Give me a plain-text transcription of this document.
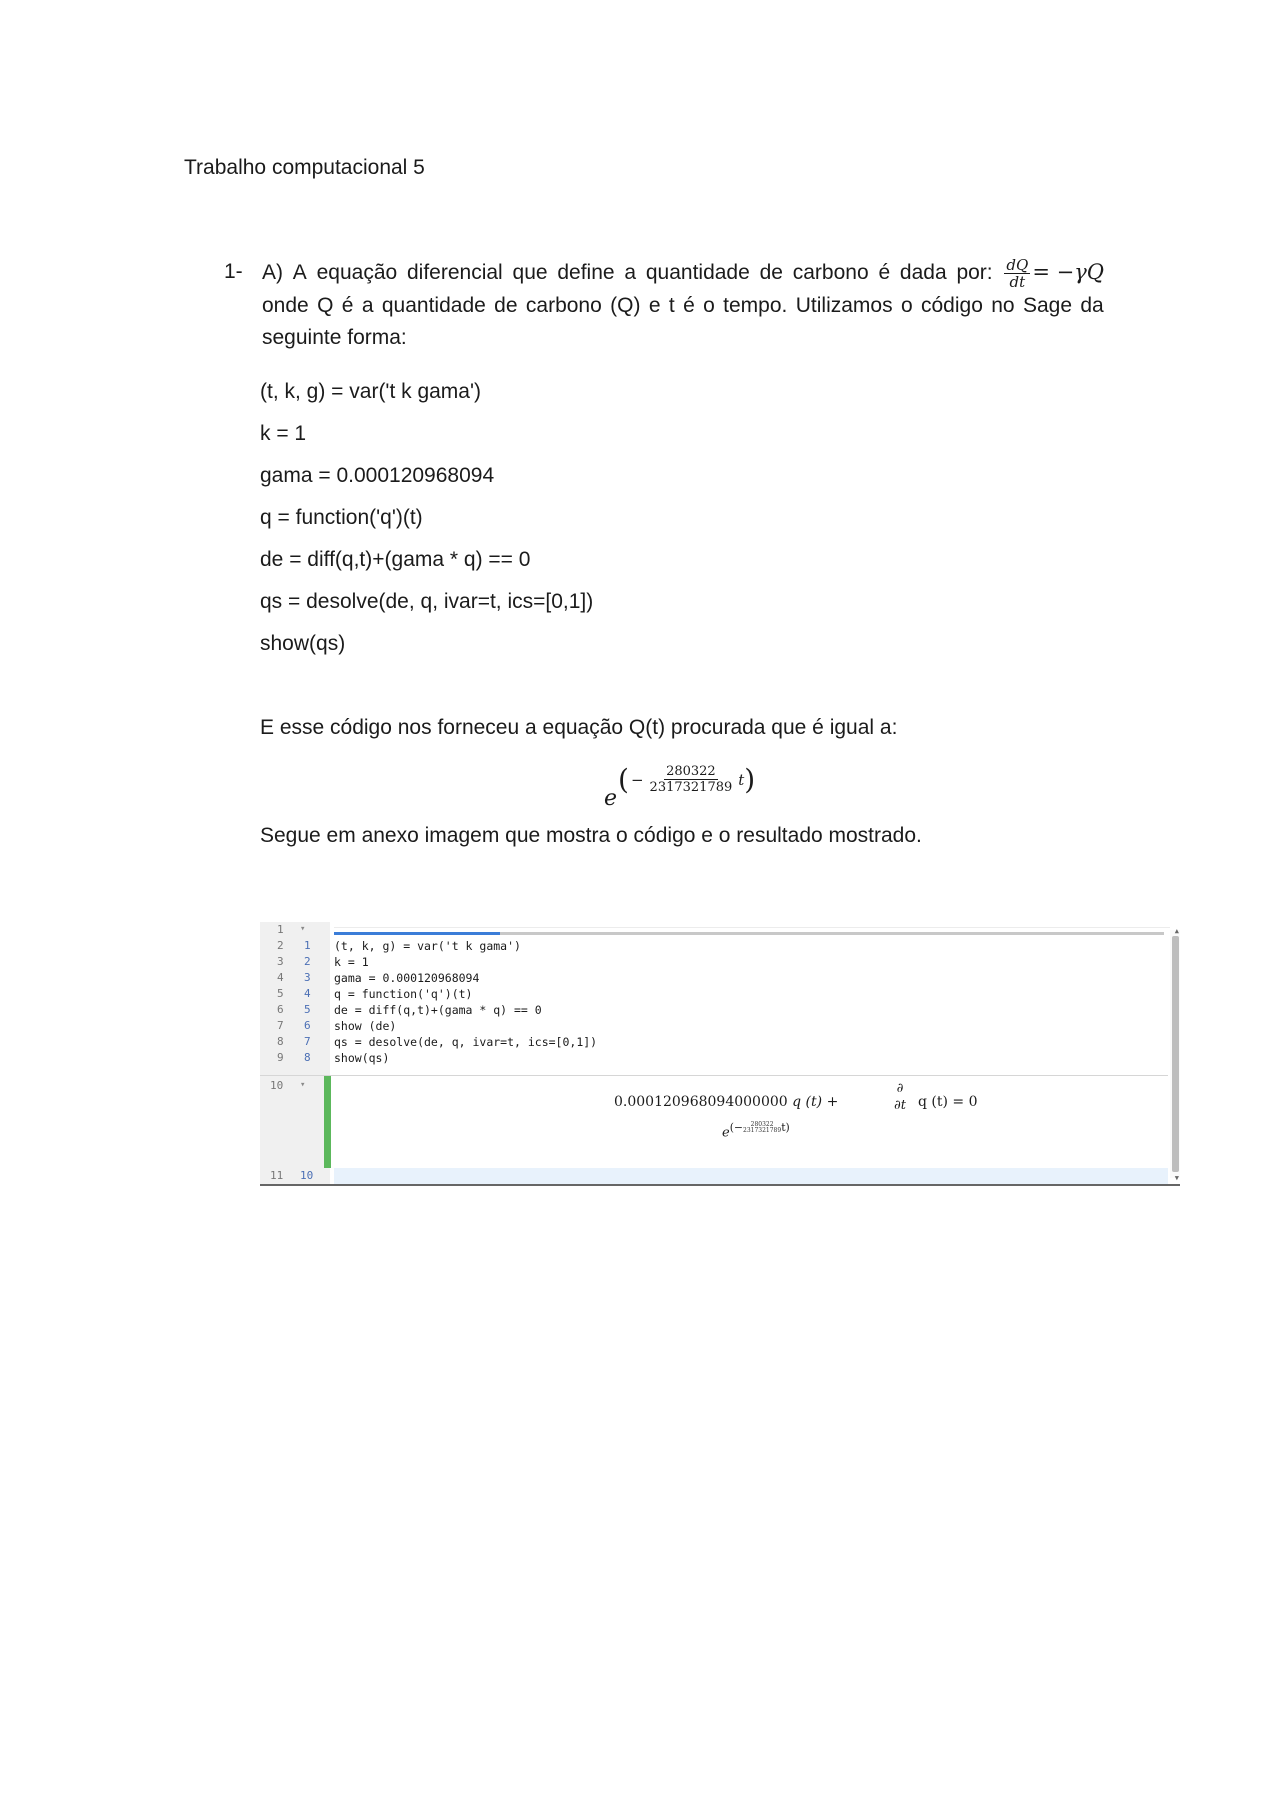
Trabalho computacional 5
1- A) A equação diferencial que define a quantidade de carbono é dada por: $\frac{dQ}{dt} = -\gamma Q$
onde Q é a quantidade de carbono (Q) e t é o tempo. Utilizamos o código no Sage da
seguinte forma:
(t, k, g) = var('t k gama')
k = 1
gama = 0.000120968094
q = function('q')(t)
de = diff(q,t)+(gama * q) == 0
qs = desolve(de, q, ivar=t, ics=[0,1])
show(qs)
E esse código nos forneceu a equação Q(t) procurada que é igual a:
e
( − $\frac{280322}{2317321789}$ t )
Segue em anexo imagem que mostra o código e o resultado mostrado.
1
2
3
4
5
6
7
8
9
10
11
1
2
3
4
5
6
7
8
10
▾
▾
(t, k, g) = var('t k gama')
k = 1
gama = 0.000120968094
q = function('q')(t)
de = diff(q,t)+(gama * q) == 0
show (de)
qs = desolve(de, q, ivar=t, ics=[0,1])
show(qs)
0.000120968094000000 q (t) +
∂
∂t q (t) = 0
$e^{(- 280322 2317321789t)}$
▲
▼
